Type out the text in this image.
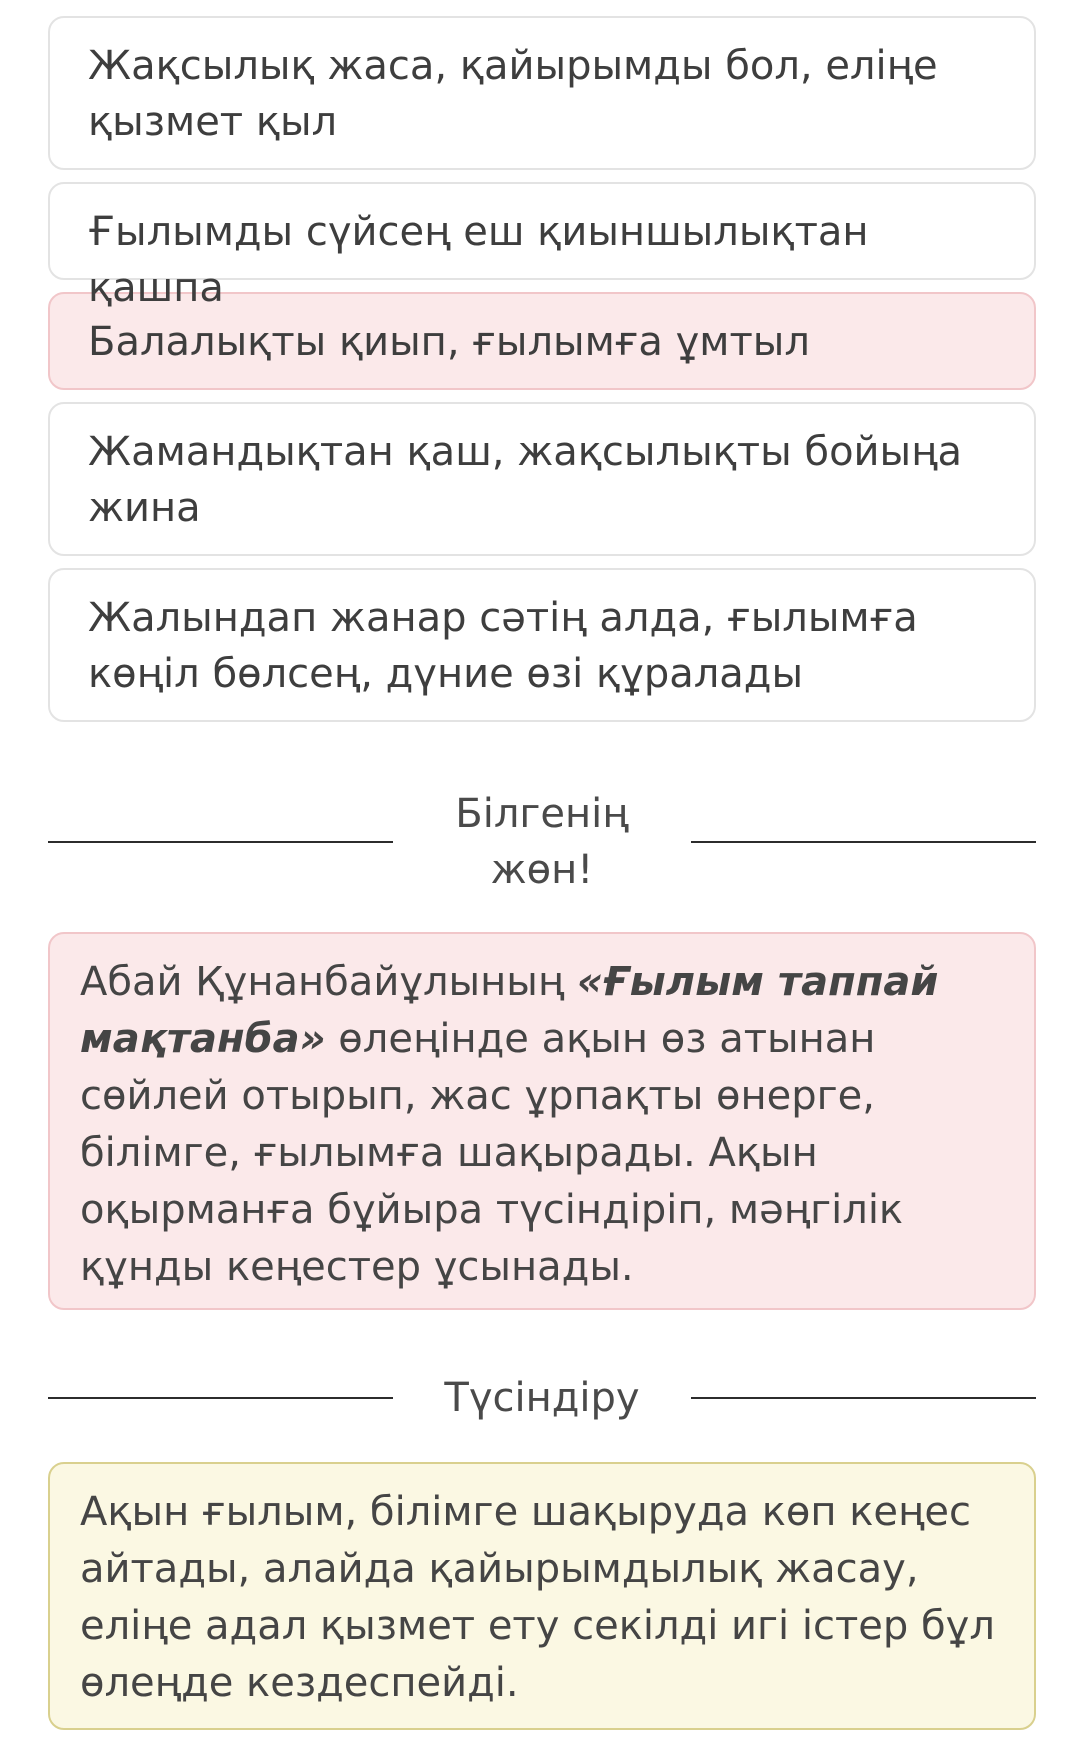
Жақсылық жаса, қайырымды бол, еліңе қызмет қыл
Ғылымды сүйсең еш қиыншылықтан қашпа
Балалықты қиып, ғылымға ұмтыл
Жамандықтан қаш, жақсылықты бойыңа жина
Жалындап жанар сәтің алда, ғылымға көңіл бөлсең, дүние өзі құралады
Білгенің жөн!
Абай Құнанбайұлының «Ғылым таппай мақтанба» өлеңінде ақын өз атынан сөйлей отырып, жас ұрпақты өнерге, білімге, ғылымға шақырады. Ақын оқырманға бұйыра түсіндіріп, мәңгілік құнды кеңестер ұсынады.
Түсіндіру
Ақын ғылым, білімге шақыруда көп кеңес айтады, алайда қайырымдылық жасау, еліңе адал қызмет ету секілді игі істер бұл өлеңде кездеспейді.
